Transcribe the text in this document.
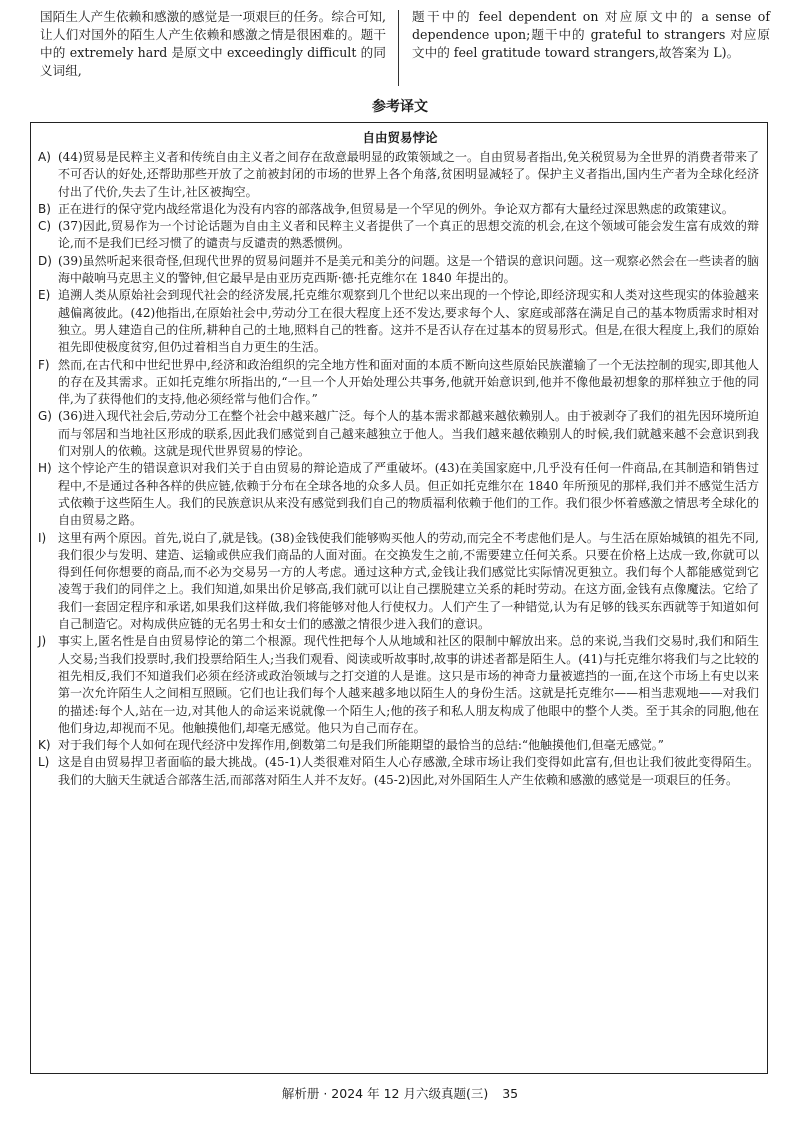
国陌生人产生依赖和感激的感觉是一项艰巨的任务。综合可知,让人们对国外的陌生人产生依赖和感激之情是很困难的。题干中的 extremely hard 是原文中 exceedingly difficult 的同义词组,
题干中的 feel dependent on 对应原文中的 a sense of dependence upon;题干中的 grateful to strangers 对应原文中的 feel gratitude toward strangers,故答案为 L)。
参考译文
自由贸易悖论
A) (44)贸易是民粹主义者和传统自由主义者之间存在敌意最明显的政策领域之一。自由贸易者指出,免关税贸易为全世界的消费者带来了不可否认的好处,还帮助那些开放了之前被封闭的市场的世界上各个角落,贫困明显减轻了。保护主义者指出,国内生产者为全球化经济付出了代价,失去了生计,社区被掏空。
B) 正在进行的保守党内战经常退化为没有内容的部落战争,但贸易是一个罕见的例外。争论双方都有大量经过深思熟虑的政策建议。
C) (37)因此,贸易作为一个讨论话题为自由主义者和民粹主义者提供了一个真正的思想交流的机会,在这个领域可能会发生富有成效的辩论,而不是我们已经习惯了的谴责与反谴责的熟悉惯例。
D) (39)虽然听起来很奇怪,但现代世界的贸易问题并不是美元和美分的问题。这是一个错误的意识问题。这一观察必然会在一些读者的脑海中敲响马克思主义的警钟,但它最早是由亚历克西斯·德·托克维尔在 1840 年提出的。
E) 追溯人类从原始社会到现代社会的经济发展,托克维尔观察到几个世纪以来出现的一个悖论,即经济现实和人类对这些现实的体验越来越偏离彼此。(42)他指出,在原始社会中,劳动分工在很大程度上还不发达,要求每个人、家庭或部落在满足自己的基本物质需求时相对独立。男人建造自己的住所,耕种自己的土地,照料自己的牲畜。这并不是否认存在过基本的贸易形式。但是,在很大程度上,我们的原始祖先即使极度贫穷,但仍过着相当自力更生的生活。
F) 然而,在古代和中世纪世界中,经济和政治组织的完全地方性和面对面的本质不断向这些原始民族灌输了一个无法控制的现实,即其他人的存在及其需求。正如托克维尔所指出的,“一旦一个人开始处理公共事务,他就开始意识到,他并不像他最初想象的那样独立于他的同伴,为了获得他们的支持,他必须经常与他们合作。”
G) (36)进入现代社会后,劳动分工在整个社会中越来越广泛。每个人的基本需求都越来越依赖别人。由于被剥夺了我们的祖先因环境所迫而与邻居和当地社区形成的联系,因此我们感觉到自己越来越独立于他人。当我们越来越依赖别人的时候,我们就越来越不会意识到我们对别人的依赖。这就是现代世界贸易的悖论。
H) 这个悖论产生的错误意识对我们关于自由贸易的辩论造成了严重破坏。(43)在美国家庭中,几乎没有任何一件商品,在其制造和销售过程中,不是通过各种各样的供应链,依赖于分布在全球各地的众多人员。但正如托克维尔在 1840 年所预见的那样,我们并不感觉生活方式依赖于这些陌生人。我们的民族意识从来没有感觉到我们自己的物质福利依赖于他们的工作。我们很少怀着感激之情思考全球化的自由贸易之路。
I) 这里有两个原因。首先,说白了,就是钱。(38)金钱使我们能够购买他人的劳动,而完全不考虑他们是人。与生活在原始城镇的祖先不同,我们很少与发明、建造、运输或供应我们商品的人面对面。在交换发生之前,不需要建立任何关系。只要在价格上达成一致,你就可以得到任何你想要的商品,而不必为交易另一方的人考虑。通过这种方式,金钱让我们感觉比实际情况更独立。我们每个人都能感觉到它凌驾于我们的同伴之上。我们知道,如果出价足够高,我们就可以让自己摆脱建立关系的耗时劳动。在这方面,金钱有点像魔法。它给了我们一套固定程序和承诺,如果我们这样做,我们将能够对他人行使权力。人们产生了一种错觉,认为有足够的钱买东西就等于知道如何自己制造它。对构成供应链的无名男士和女士们的感激之情很少进入我们的意识。
J) 事实上,匿名性是自由贸易悖论的第二个根源。现代性把每个人从地域和社区的限制中解放出来。总的来说,当我们交易时,我们和陌生人交易;当我们投票时,我们投票给陌生人;当我们观看、阅读或听故事时,故事的讲述者都是陌生人。(41)与托克维尔将我们与之比较的祖先相反,我们不知道我们必须在经济或政治领域与之打交道的人是谁。这只是市场的神奇力量被遮挡的一面,在这个市场上有史以来第一次允许陌生人之间相互照顾。它们也让我们每个人越来越多地以陌生人的身份生活。这就是托克维尔——相当悲观地——对我们的描述:每个人,站在一边,对其他人的命运来说就像一个陌生人;他的孩子和私人朋友构成了他眼中的整个人类。至于其余的同胞,他在他们身边,却视而不见。他触摸他们,却毫无感觉。他只为自己而存在。
K) 对于我们每个人如何在现代经济中发挥作用,倒数第二句是我们所能期望的最恰当的总结:“他触摸他们,但毫无感觉。”
L) 这是自由贸易捍卫者面临的最大挑战。(45-1)人类很难对陌生人心存感激,全球市场让我们变得如此富有,但也让我们彼此变得陌生。我们的大脑天生就适合部落生活,而部落对陌生人并不友好。(45-2)因此,对外国陌生人产生依赖和感激的感觉是一项艰巨的任务。
解析册 · 2024 年 12 月六级真题(三) 35
